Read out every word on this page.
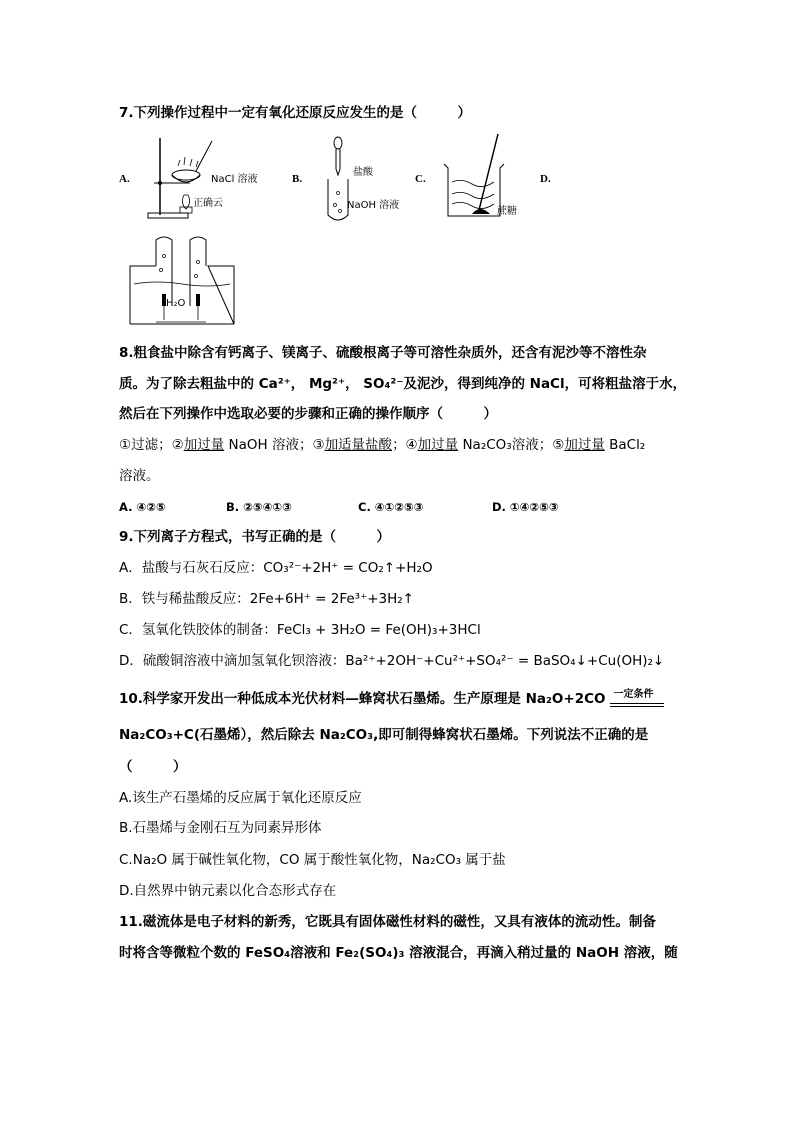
7.下列操作过程中一定有氧化还原反应发生的是（　　　）
A.	B.	C.	D.
NaCl 溶液
正确云
盐酸
NaOH 溶液
蔗糖
H₂O
8.粗食盐中除含有钙离子、镁离子、硫酸根离子等可溶性杂质外，还含有泥沙等不溶性杂
质。为了除去粗盐中的 Ca²⁺， Mg²⁺， SO₄²⁻及泥沙，得到纯净的 NaCl，可将粗盐溶于水，
然后在下列操作中选取必要的步骤和正确的操作顺序（　　　）
①过滤；②加过量 NaOH 溶液；③加适量盐酸；④加过量 Na₂CO₃溶液；⑤加过量 BaCl₂
溶液。
A. ④②⑤	B. ②⑤④①③	C. ④①②⑤③	D. ①④②⑤③
9.下列离子方程式，书写正确的是（　　　）
A．盐酸与石灰石反应：CO₃²⁻+2H⁺ = CO₂↑+H₂O
B．铁与稀盐酸反应：2Fe+6H⁺ = 2Fe³⁺+3H₂↑
C．氢氧化铁胶体的制备：FeCl₃ + 3H₂O = Fe(OH)₃+3HCl
D．硫酸铜溶液中滴加氢氧化钡溶液：Ba²⁺+2OH⁻+Cu²⁺+SO₄²⁻ = BaSO₄↓+Cu(OH)₂↓
10.科学家开发出一种低成本光伏材料—蜂窝状石墨烯。生产原理是 Na₂O+2CO 一定条件
Na₂CO₃+C(石墨烯），然后除去 Na₂CO₃,即可制得蜂窝状石墨烯。下列说法不正确的是
（　　　）
A.该生产石墨烯的反应属于氧化还原反应
B.石墨烯与金刚石互为同素异形体
C.Na₂O 属于碱性氧化物，CO 属于酸性氧化物，Na₂CO₃ 属于盐
D.自然界中钠元素以化合态形式存在
11.磁流体是电子材料的新秀，它既具有固体磁性材料的磁性，又具有液体的流动性。制备
时将含等微粒个数的 FeSO₄溶液和 Fe₂(SO₄)₃ 溶液混合，再滴入稍过量的 NaOH 溶液，随
